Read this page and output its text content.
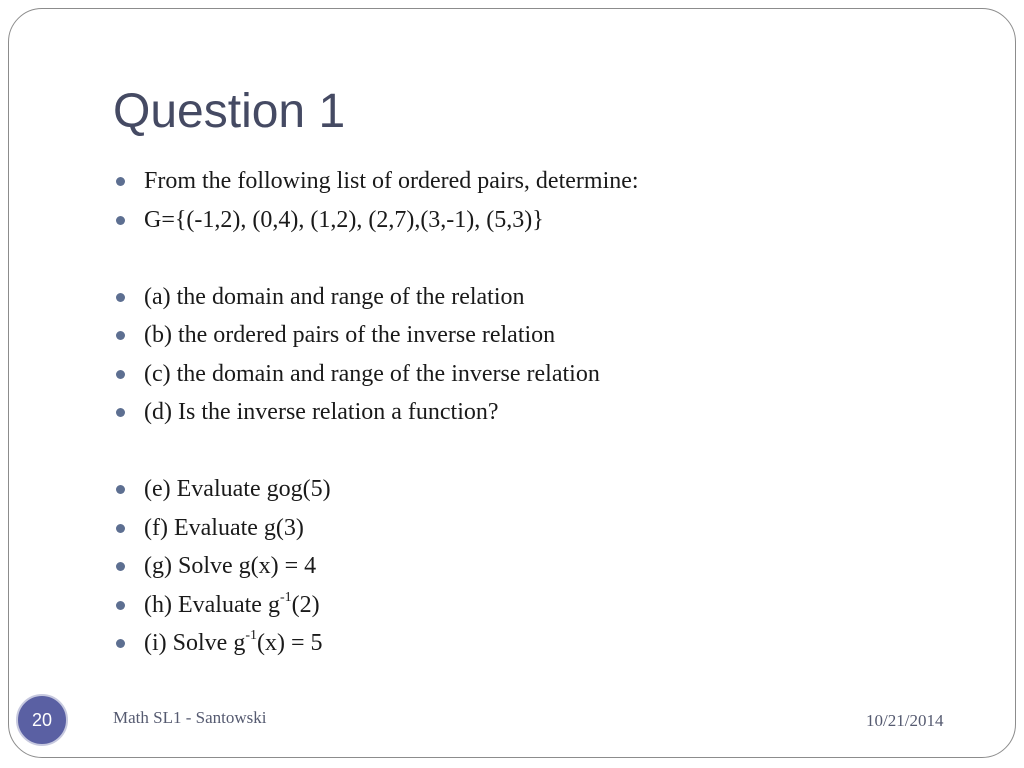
Question 1
From the following list of ordered pairs, determine:
G={(-1,2), (0,4), (1,2), (2,7),(3,-1), (5,3)}
(a) the domain and range of the relation
(b) the ordered pairs of the inverse relation
(c) the domain and range of the inverse relation
(d) Is the inverse relation a function?
(e) Evaluate gog(5)
(f) Evaluate g(3)
(g) Solve g(x) = 4
(h) Evaluate $g^{-1}(2)$
(i) Solve $g^{-1}(x) = 5$
20	Math SL1 - Santowski	10/21/2014
